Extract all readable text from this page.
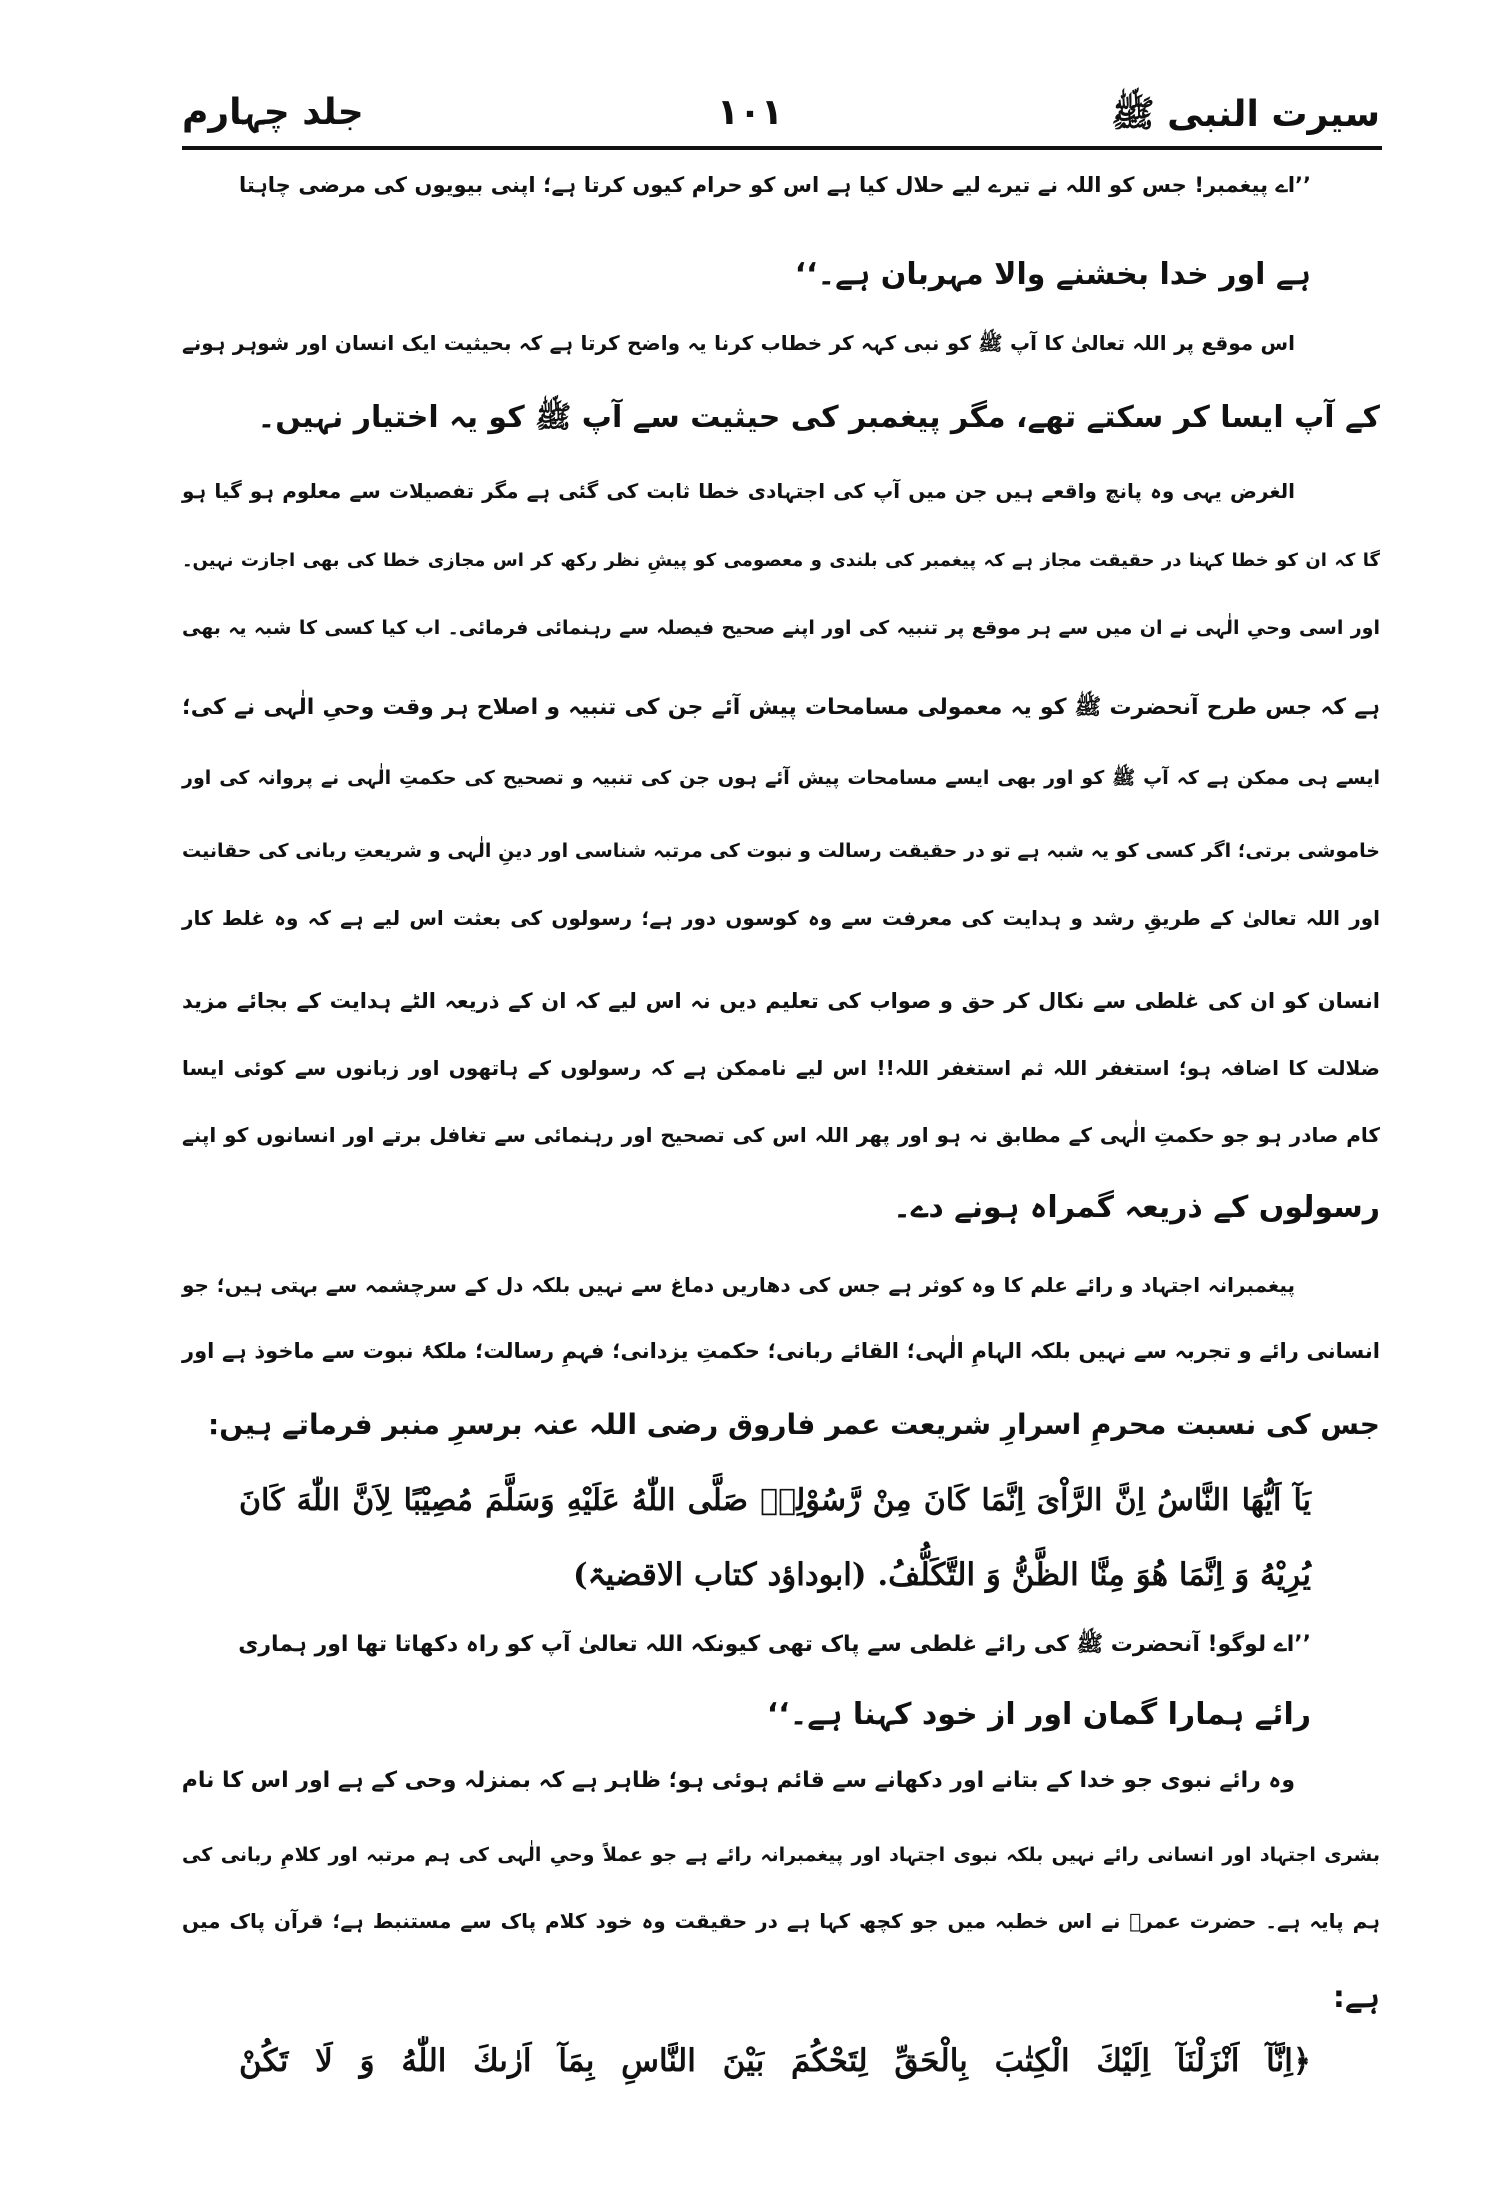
سیرت النبی ﷺ
۱۰۱
جلد چہارم
’’اے پیغمبر! جس کو اللہ نے تیرے لیے حلال کیا ہے اس کو حرام کیوں کرتا ہے؛ اپنی بیویوں کی مرضی چاہتا
ہے اور خدا بخشنے والا مہربان ہے۔‘‘
اس موقع پر اللہ تعالیٰ کا آپ ﷺ کو نبی کہہ کر خطاب کرنا یہ واضح کرتا ہے کہ بحیثیت ایک انسان اور شوہر ہونے
کے آپ ایسا کر سکتے تھے، مگر پیغمبر کی حیثیت سے آپ ﷺ کو یہ اختیار نہیں۔
الغرض یہی وہ پانچ واقعے ہیں جن میں آپ کی اجتہادی خطا ثابت کی گئی ہے مگر تفصیلات سے معلوم ہو گیا ہو
گا کہ ان کو خطا کہنا در حقیقت مجاز ہے کہ پیغمبر کی بلندی و معصومی کو پیشِ نظر رکھ کر اس مجازی خطا کی بھی اجازت نہیں۔
اور اسی وحیِ الٰہی نے ان میں سے ہر موقع پر تنبیہ کی اور اپنے صحیح فیصلہ سے رہنمائی فرمائی۔ اب کیا کسی کا شبہ یہ بھی
ہے کہ جس طرح آنحضرت ﷺ کو یہ معمولی مسامحات پیش آئے جن کی تنبیہ و اصلاح ہر وقت وحیِ الٰہی نے کی؛
ایسے ہی ممکن ہے کہ آپ ﷺ کو اور بھی ایسے مسامحات پیش آئے ہوں جن کی تنبیہ و تصحیح کی حکمتِ الٰہی نے پروانہ کی اور
خاموشی برتی؛ اگر کسی کو یہ شبہ ہے تو در حقیقت رسالت و نبوت کی مرتبہ شناسی اور دینِ الٰہی و شریعتِ ربانی کی حقانیت
اور اللہ تعالیٰ کے طریقِ رشد و ہدایت کی معرفت سے وہ کوسوں دور ہے؛ رسولوں کی بعثت اس لیے ہے کہ وہ غلط کار
انسان کو ان کی غلطی سے نکال کر حق و صواب کی تعلیم دیں نہ اس لیے کہ ان کے ذریعہ الٹے ہدایت کے بجائے مزید
ضلالت کا اضافہ ہو؛ استغفر اللہ ثم استغفر اللہ!! اس لیے ناممکن ہے کہ رسولوں کے ہاتھوں اور زبانوں سے کوئی ایسا
کام صادر ہو جو حکمتِ الٰہی کے مطابق نہ ہو اور پھر اللہ اس کی تصحیح اور رہنمائی سے تغافل برتے اور انسانوں کو اپنے
رسولوں کے ذریعہ گمراہ ہونے دے۔
پیغمبرانہ اجتہاد و رائے علم کا وہ کوثر ہے جس کی دھاریں دماغ سے نہیں بلکہ دل کے سرچشمہ سے بہتی ہیں؛ جو
انسانی رائے و تجربہ سے نہیں بلکہ الہامِ الٰہی؛ القائے ربانی؛ حکمتِ یزدانی؛ فہمِ رسالت؛ ملکۂ نبوت سے ماخوذ ہے اور
جس کی نسبت محرمِ اسرارِ شریعت عمر فاروق رضی اللہ عنہ برسرِ منبر فرماتے ہیں:
يَآ اَيُّهَا النَّاسُ اِنَّ الرَّاْىَ اِنَّمَا كَانَ مِنْ رَّسُوْلِهٖ صَلَّى اللّٰهُ عَلَيْهِ وَسَلَّمَ مُصِيْبًا لِاَنَّ اللّٰهَ كَانَ
يُرِيْهُ وَ اِنَّمَا هُوَ مِنَّا الظَّنُّ وَ التَّكَلُّفُ. (ابوداؤد کتاب الاقضیۃ)
’’اے لوگو! آنحضرت ﷺ کی رائے غلطی سے پاک تھی کیونکہ اللہ تعالیٰ آپ کو راہ دکھاتا تھا اور ہماری
رائے ہمارا گمان اور از خود کہنا ہے۔‘‘
وہ رائے نبوی جو خدا کے بتانے اور دکھانے سے قائم ہوئی ہو؛ ظاہر ہے کہ بمنزلہ وحی کے ہے اور اس کا نام
بشری اجتہاد اور انسانی رائے نہیں بلکہ نبوی اجتہاد اور پیغمبرانہ رائے ہے جو عملاً وحیِ الٰہی کی ہم مرتبہ اور کلامِ ربانی کی
ہم پایہ ہے۔ حضرت عمرؓ نے اس خطبہ میں جو کچھ کہا ہے در حقیقت وہ خود کلام پاک سے مستنبط ہے؛ قرآن پاک میں
ہے:
﴿اِنَّآ اَنْزَلْنَآ اِلَيْكَ الْكِتٰبَ بِالْحَقِّ لِتَحْكُمَ بَيْنَ النَّاسِ بِمَآ اَرٰىكَ اللّٰهُ وَ لَا تَكُنْ
